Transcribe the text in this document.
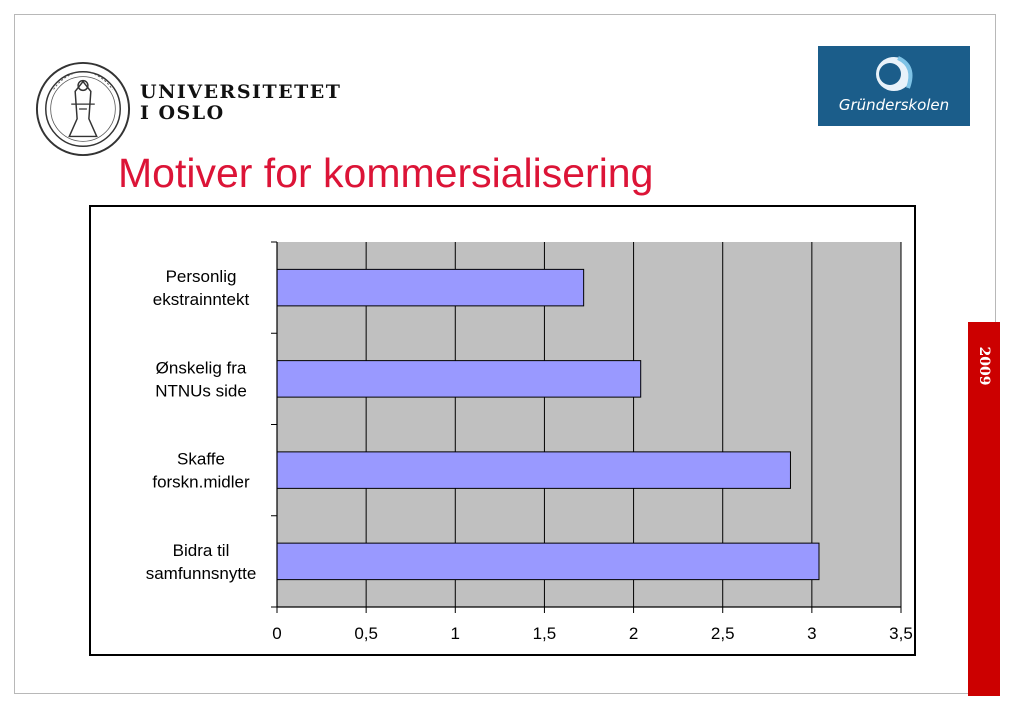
UNIVERSITETET
I OSLO	Gründerskolen
Motiver for kommersialisering
0	0,5	1	1,5	2	2,5	3	3,5
Personlig ekstrainntekt
Ønskelig fra NTNUs side
Skaffe forskn.midler
Bidra til samfunnsnytte
2009
